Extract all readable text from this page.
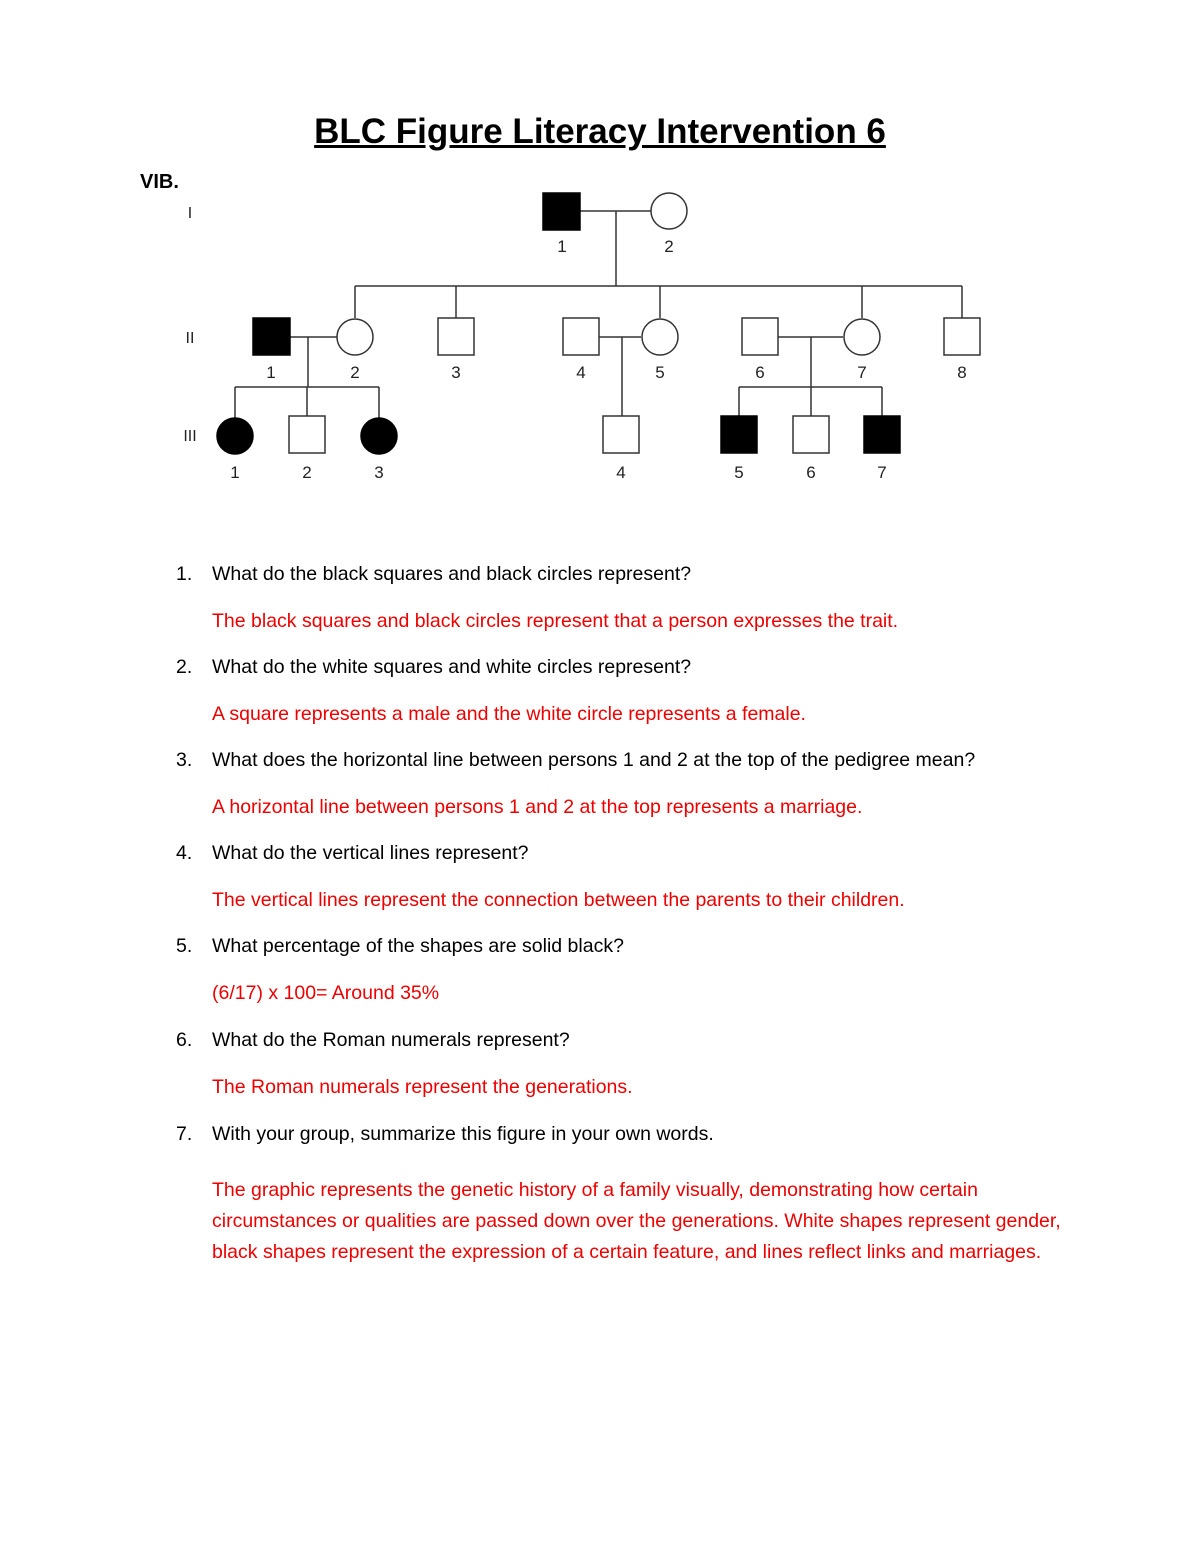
BLC Figure Literacy Intervention 6
VIB.
I
II
III
1	2
1	2	3	4	5	6	7	8
1	2	3	4	5	6	7
1. What do the black squares and black circles represent?
The black squares and black circles represent that a person expresses the trait.
2. What do the white squares and white circles represent?
A square represents a male and the white circle represents a female.
3. What does the horizontal line between persons 1 and 2 at the top of the pedigree mean?
A horizontal line between persons 1 and 2 at the top represents a marriage.
4. What do the vertical lines represent?
The vertical lines represent the connection between the parents to their children.
5. What percentage of the shapes are solid black?
(6/17) x 100= Around 35%
6. What do the Roman numerals represent?
The Roman numerals represent the generations.
7. With your group, summarize this figure in your own words.
The graphic represents the genetic history of a family visually, demonstrating how certain circumstances or qualities are passed down over the generations. White shapes represent gender, black shapes represent the expression of a certain feature, and lines reflect links and marriages.
